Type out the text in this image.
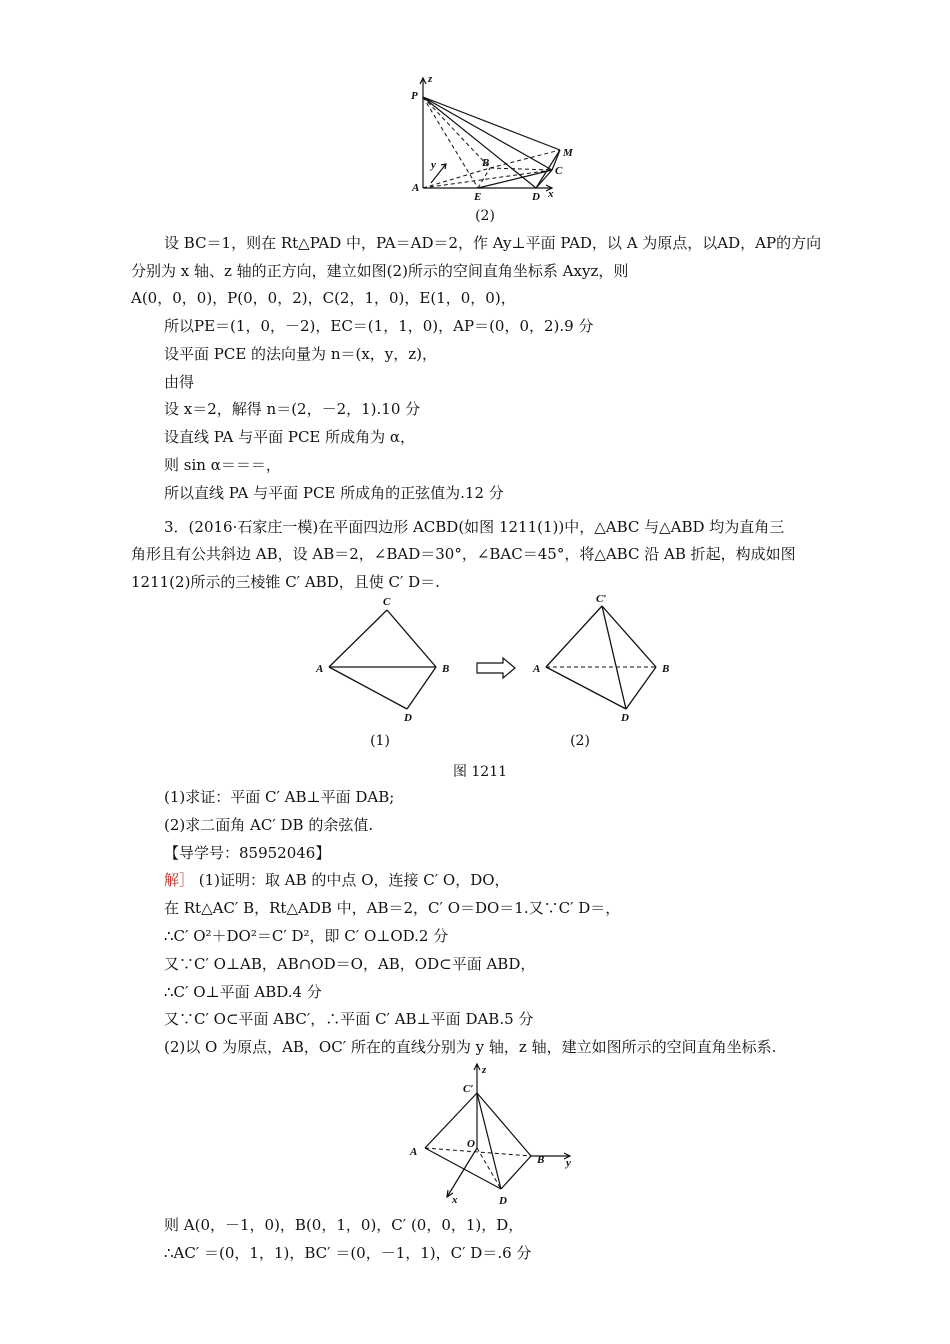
z
P
y	B
M
C
A
E	D x
(2)
设 BC＝1，则在 Rt△PAD 中，PA＝AD＝2，作 Ay⊥平面 PAD，以 A 为原点，以AD，AP的方向
分别为 x 轴、z 轴的正方向，建立如图(2)所示的空间直角坐标系 Axyz，则
A(0，0，0)，P(0，0，2)，C(2，1，0)，E(1，0，0)，
所以PE＝(1，0，－2)，EC＝(1，1，0)，AP＝(0，0，2).9 分
设平面 PCE 的法向量为 n＝(x，y，z)，
由得
设 x＝2，解得 n＝(2，－2，1).10 分
设直线 PA 与平面 PCE 所成角为 α，
则 sin α＝＝＝，
所以直线 PA 与平面 PCE 所成角的正弦值为.12 分
3．(2016·石家庄一模)在平面四边形 ACBD(如图 1211(1))中，△ABC 与△ABD 均为直角三
角形且有公共斜边 AB，设 AB＝2，∠BAD＝30°，∠BAC＝45°，将△ABC 沿 AB 折起，构成如图
1211(2)所示的三棱锥 C′ ABD，且使 C′ D＝.
C
A	B
D
C′
A	B
D
(1)	(2)
图 1211
(1)求证：平面 C′ AB⊥平面 DAB;
(2)求二面角 AC′ DB 的余弦值.
【导学号：85952046】
解］ (1)证明：取 AB 的中点 O，连接 C′ O，DO，
在 Rt△AC′ B，Rt△ADB 中，AB＝2，C′ O＝DO＝1.又∵C′ D＝，
∴C′ O²＋DO²＝C′ D²，即 C′ O⊥OD.2 分
又∵C′ O⊥AB，AB∩OD＝O，AB，OD⊂平面 ABD，
∴C′ O⊥平面 ABD.4 分
又∵C′ O⊂平面 ABC′，∴平面 C′ AB⊥平面 DAB.5 分
(2)以 O 为原点，AB，OC′ 所在的直线分别为 y 轴，z 轴，建立如图所示的空间直角坐标系.
z
C′
A
O
B y
x	D
则 A(0，－1，0)，B(0，1，0)，C′ (0，0，1)，D，
∴AC′ ＝(0，1，1)，BC′ ＝(0，－1，1)，C′ D＝.6 分
